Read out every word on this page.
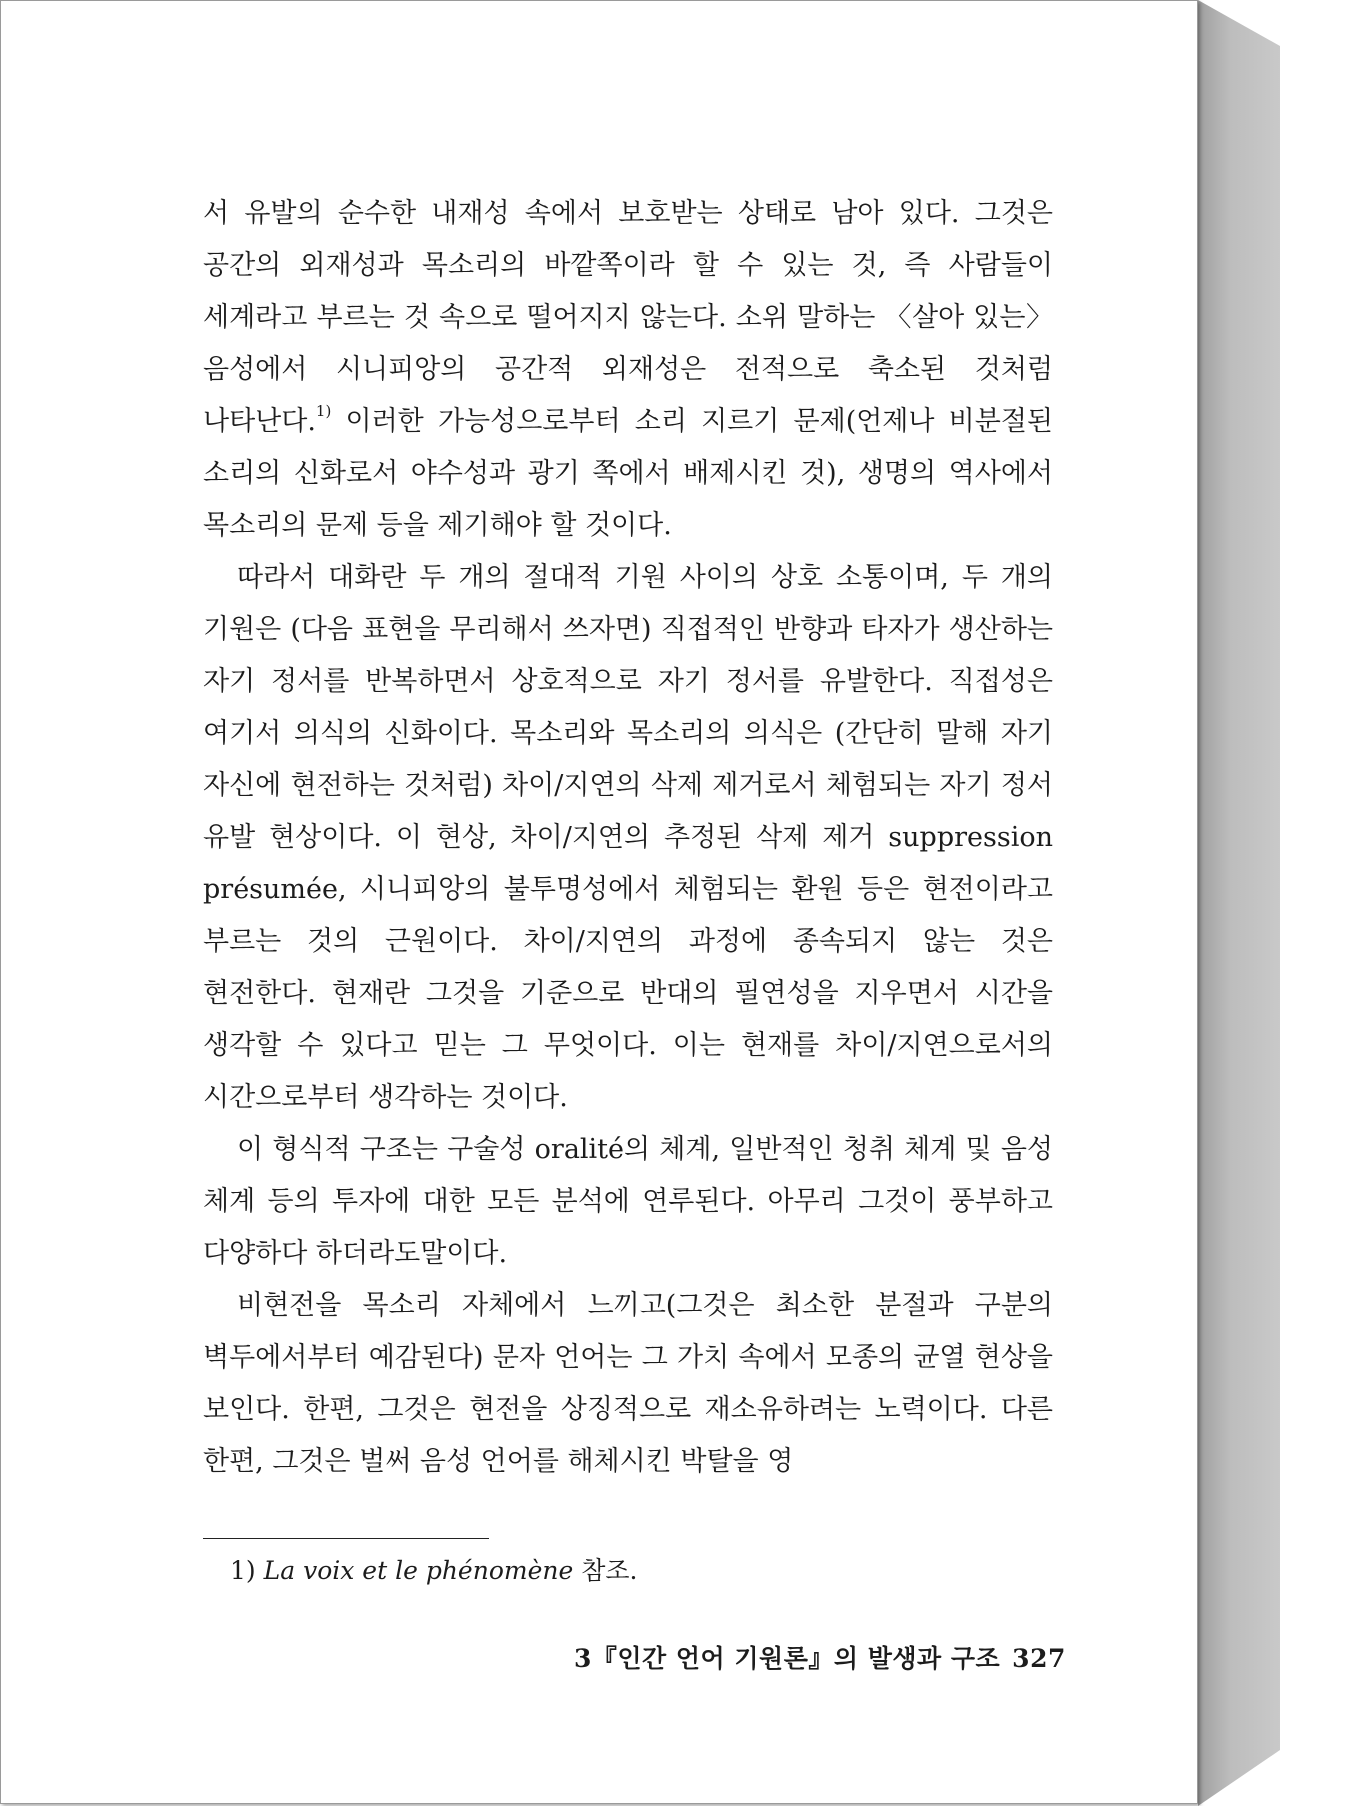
서 유발의 순수한 내재성 속에서 보호받는 상태로 남아 있다. 그것은 공간의 외재성과 목소리의 바깥쪽이라 할 수 있는 것, 즉 사람들이 세계라고 부르는 것 속으로 떨어지지 않는다. 소위 말하는 〈살아 있는〉 음성에서 시니피앙의 공간적 외재성은 전적으로 축소된 것처럼 나타난다.$^{1)}$ 이러한 가능성으로부터 소리 지르기 문제(언제나 비분절된 소리의 신화로서 야수성과 광기 쪽에서 배제시킨 것), 생명의 역사에서 목소리의 문제 등을 제기해야 할 것이다.

따라서 대화란 두 개의 절대적 기원 사이의 상호 소통이며, 두 개의 기원은 (다음 표현을 무리해서 쓰자면) 직접적인 반향과 타자가 생산하는 자기 정서를 반복하면서 상호적으로 자기 정서를 유발한다. 직접성은 여기서 의식의 신화이다. 목소리와 목소리의 의식은 (간단히 말해 자기 자신에 현전하는 것처럼) 차이/지연의 삭제 제거로서 체험되는 자기 정서 유발 현상이다. 이 현상, 차이/지연의 추정된 삭제 제거 suppression présumée, 시니피앙의 불투명성에서 체험되는 환원 등은 현전이라고 부르는 것의 근원이다. 차이/지연의 과정에 종속되지 않는 것은 현전한다. 현재란 그것을 기준으로 반대의 필연성을 지우면서 시간을 생각할 수 있다고 믿는 그 무엇이다. 이는 현재를 차이/지연으로서의 시간으로부터 생각하는 것이다.

이 형식적 구조는 구술성 oralité의 체계, 일반적인 청취 체계 및 음성 체계 등의 투자에 대한 모든 분석에 연루된다. 아무리 그것이 풍부하고 다양하다 하더라도말이다.

비현전을 목소리 자체에서 느끼고(그것은 최소한 분절과 구분의 벽두에서부터 예감된다) 문자 언어는 그 가치 속에서 모종의 균열 현상을 보인다. 한편, 그것은 현전을 상징적으로 재소유하려는 노력이다. 다른 한편, 그것은 벌써 음성 언어를 해체시킨 박탈을 영

1) La voix et le phénomène 참조.
3『인간 언어 기원론』의 발생과 구조 327
